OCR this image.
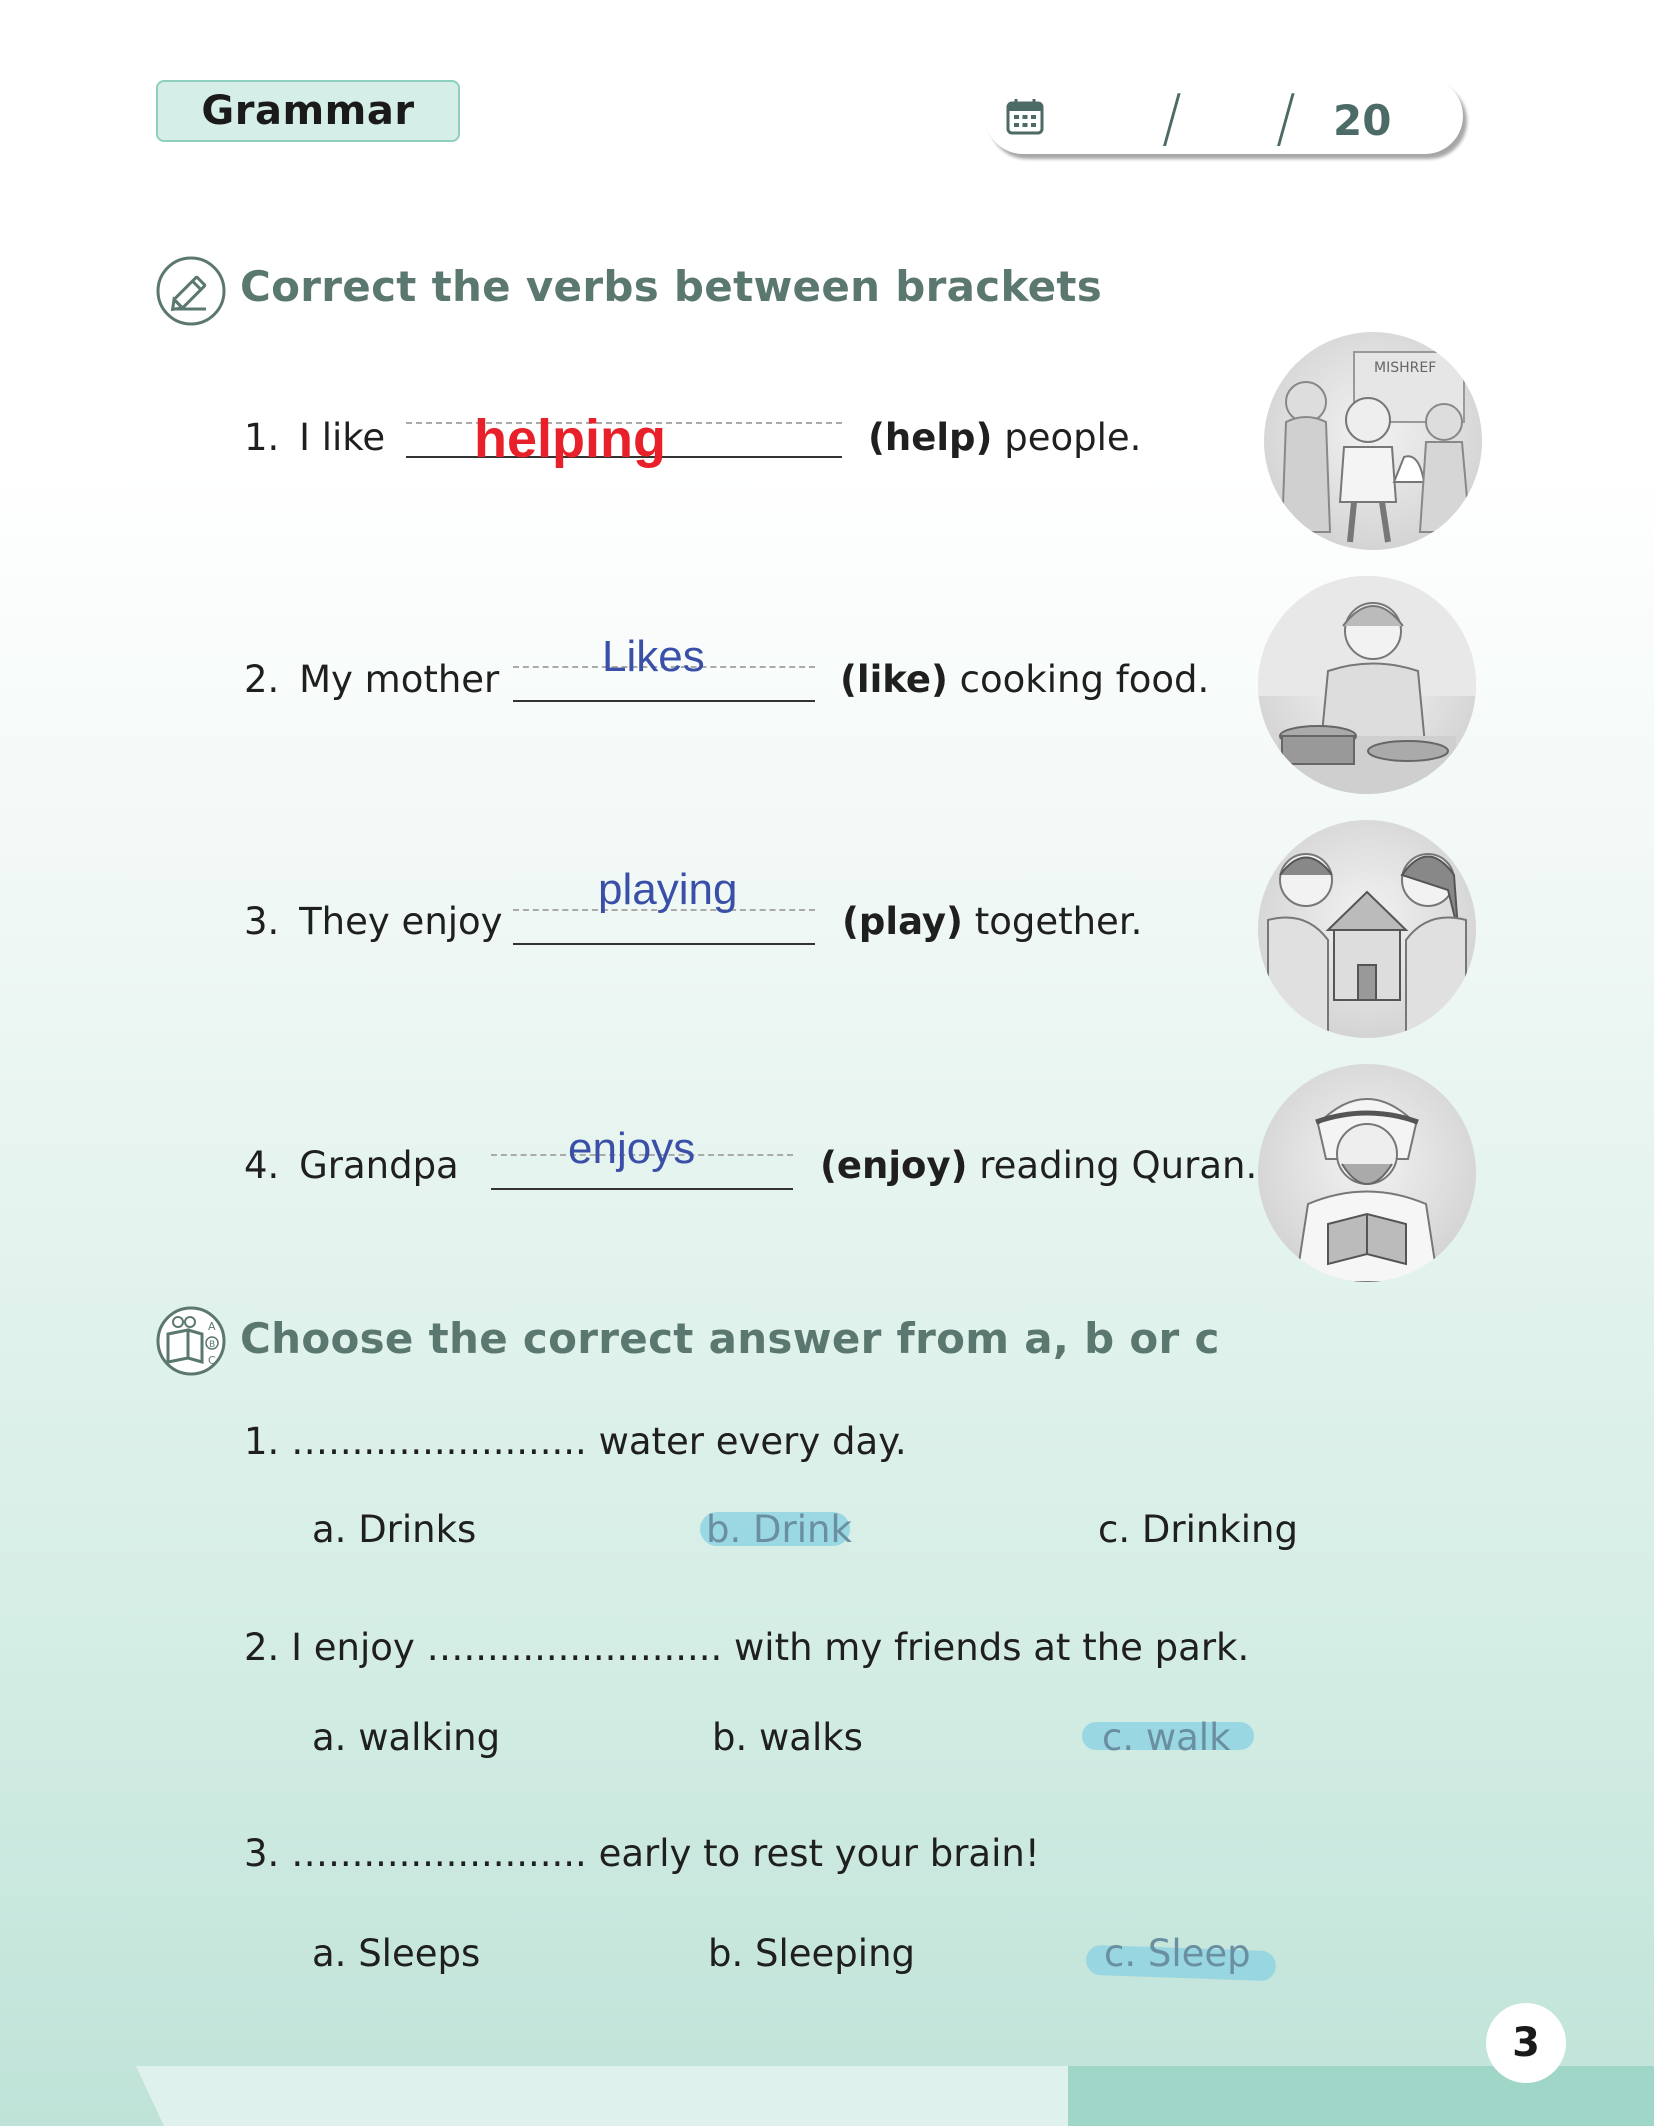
Grammar	/ / 20
Correct the verbs between brackets
1. I like helping	(help) people.
MISHREF
2. My mother Likes	(like) cooking food.
3. They enjoy
playing
(play) together.
4. Grandpa enjoys	(enjoy) reading Quran.
A
B
C Choose the correct answer from a, b or c
1. …...................... water every day.
a. Drinks	b. Drink	c. Drinking
2. I enjoy …...................... with my friends at the park.
a. walking	b. walks	c. walk
3. …...................... early to rest your brain!
a. Sleeps	b. Sleeping	c. Sleep
3
